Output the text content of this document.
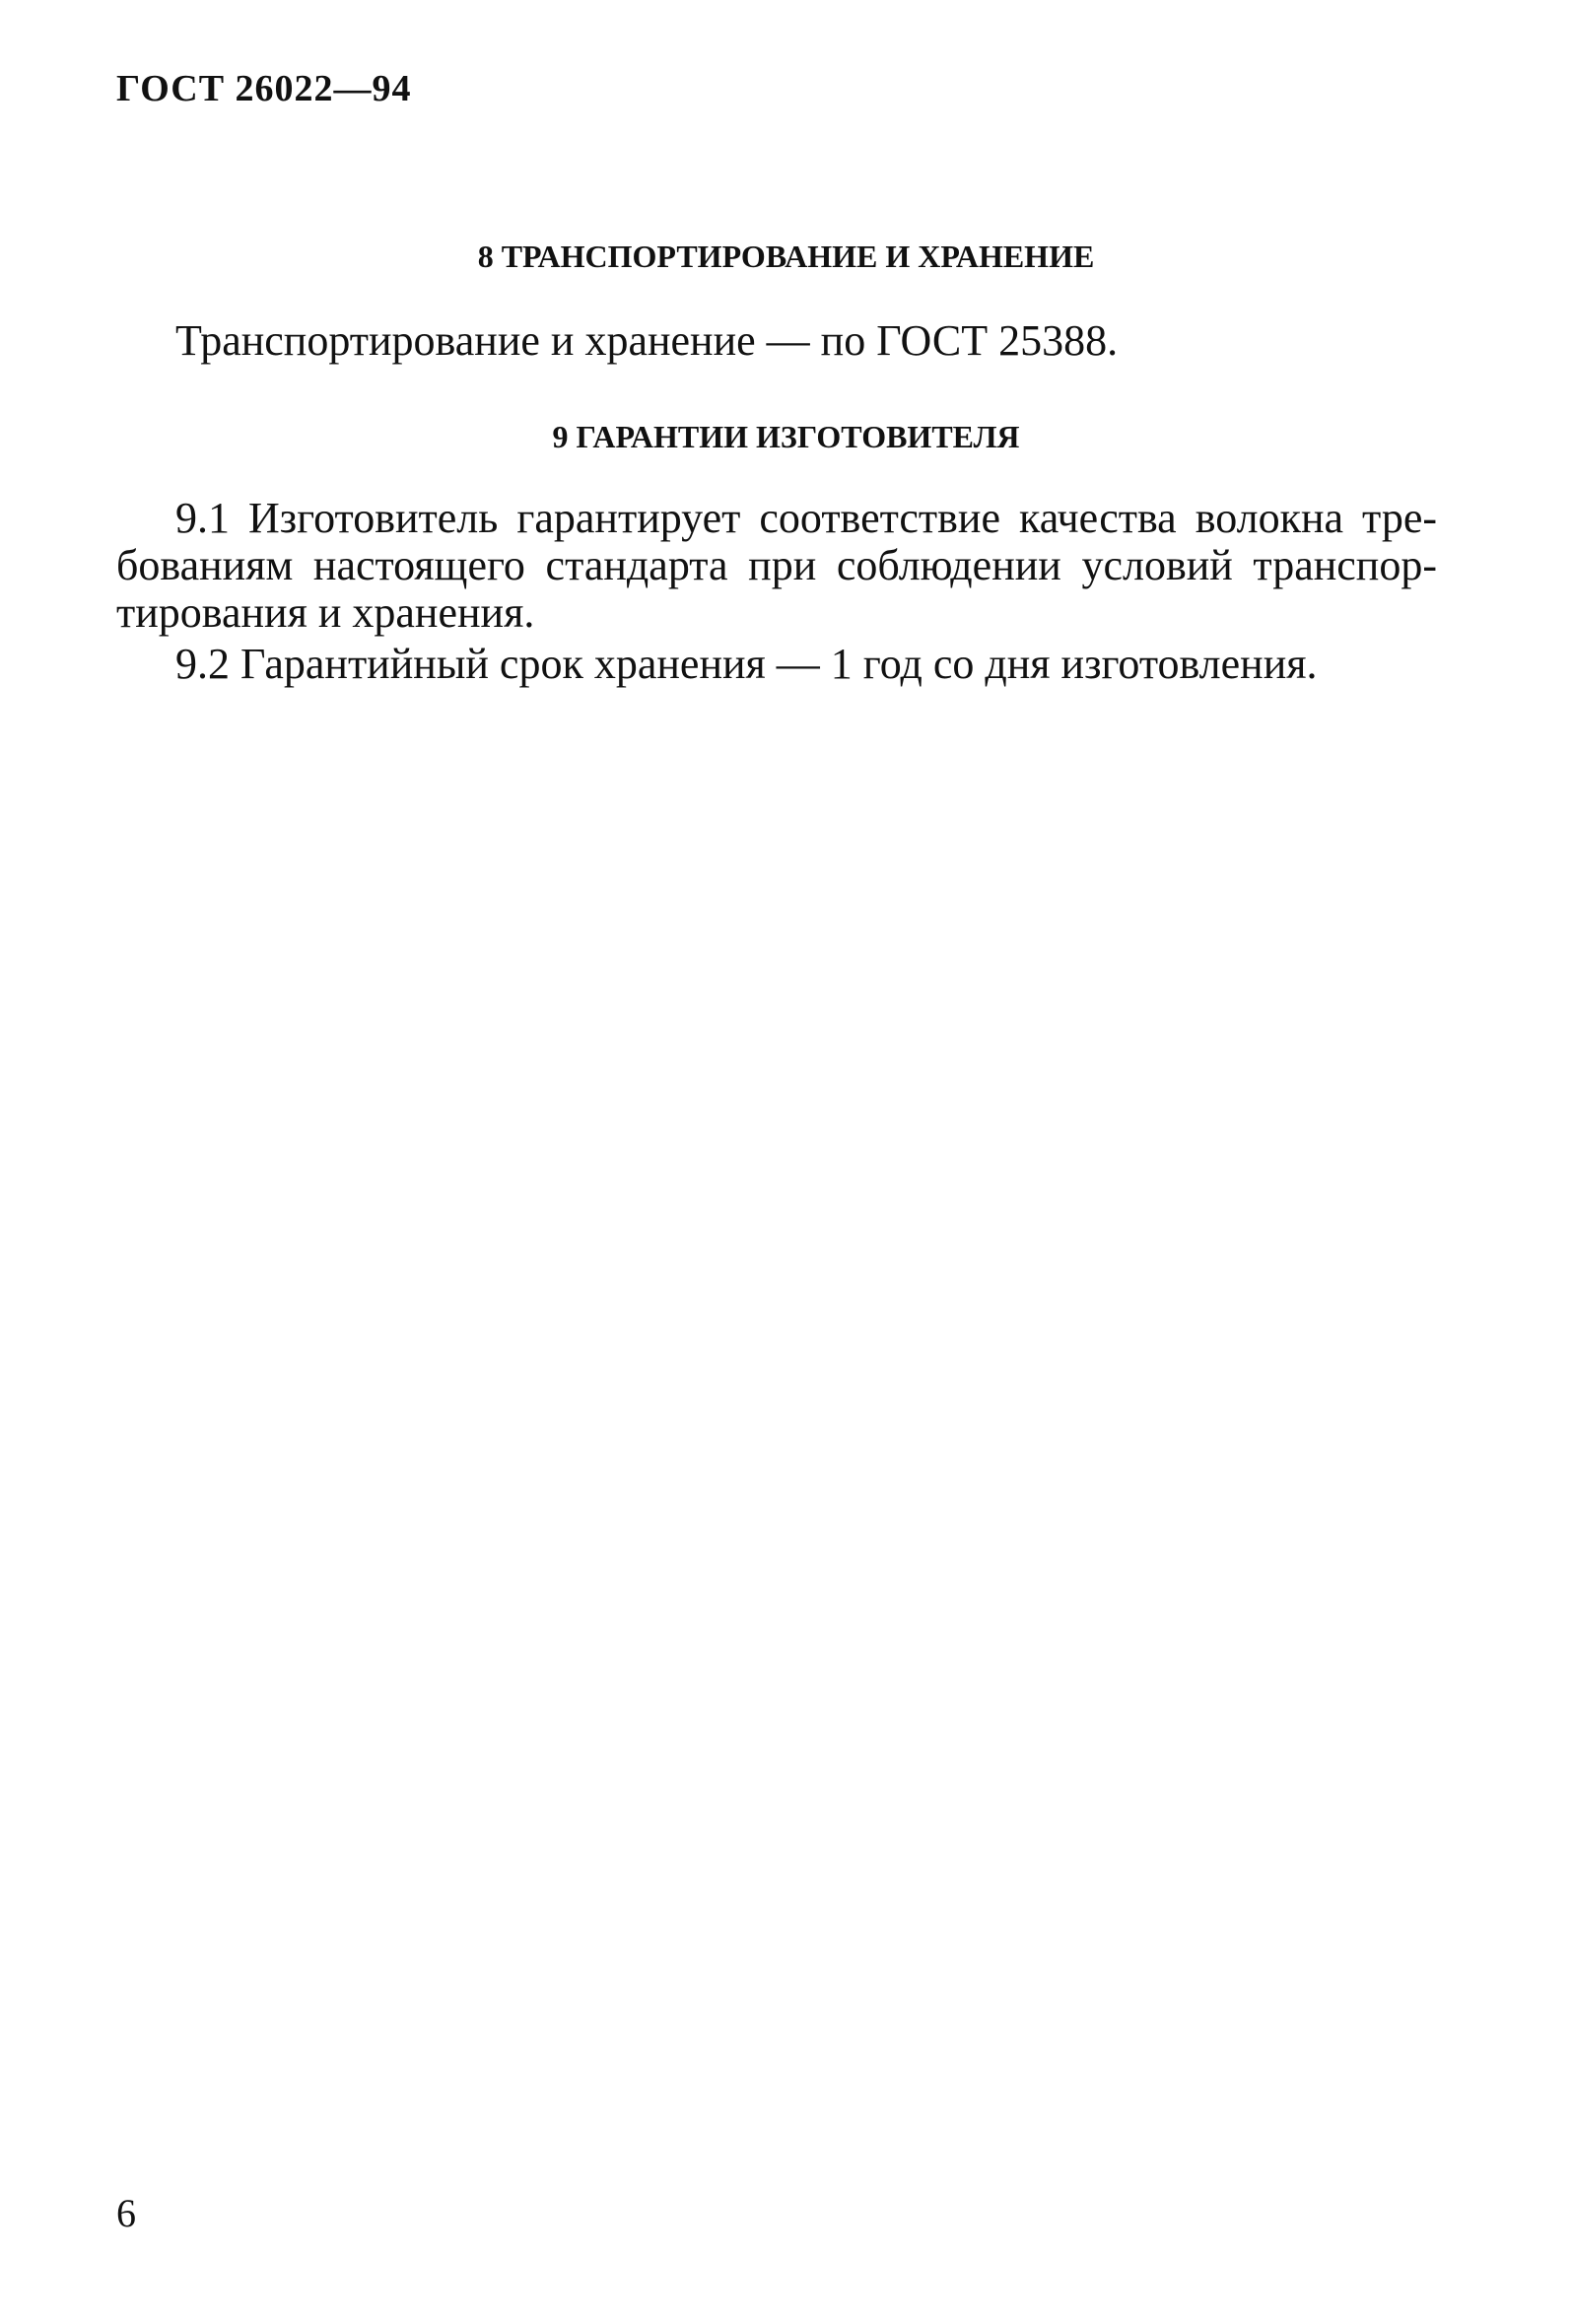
ГОСТ 26022—94
8 ТРАНСПОРТИРОВАНИЕ И ХРАНЕНИЕ
Транспортирование и хранение — по ГОСТ 25388.
9 ГАРАНТИИ ИЗГОТОВИТЕЛЯ
9.1 Изготовитель гарантирует соответствие качества волокна тре-
бованиям настоящего стандарта при соблюдении условий транспор-
тирования и хранения.
9.2 Гарантийный срок хранения — 1 год со дня изготовления.
6
